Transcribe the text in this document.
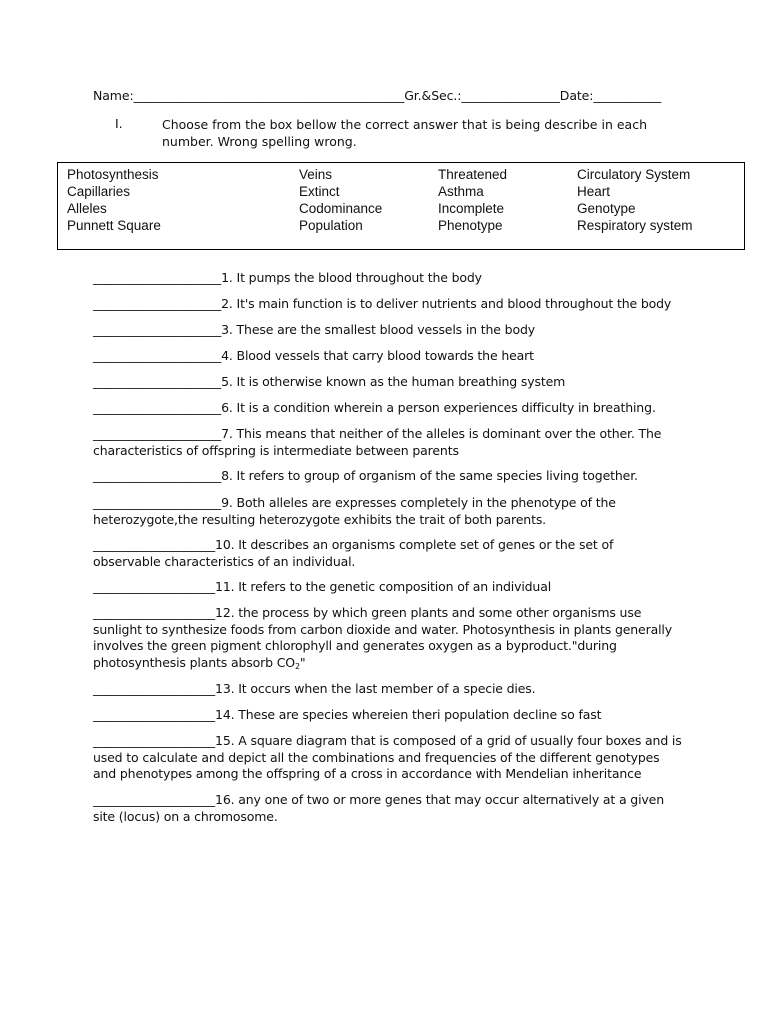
Name:____________________________________________Gr.&Sec.:________________Date:___________
I.	Choose from the box bellow the correct answer that is being describe in each number. Wrong spelling wrong.
Photosynthesis
Capillaries
Alleles
Punnett Square
Veins
Extinct
Codominance
Population
Threatened
Asthma
Incomplete
Phenotype
Circulatory System
Heart
Genotype
Respiratory system
_____________________1. It pumps the blood throughout the body
_____________________2. It's main function is to deliver nutrients and blood throughout the body
_____________________3. These are the smallest blood vessels in the body
_____________________4. Blood vessels that carry blood towards the heart
_____________________5. It is otherwise known as the human breathing system
_____________________6. It is a condition wherein a person experiences difficulty in breathing.
_____________________7. This means that neither of the alleles is dominant over the other. The characteristics of offspring is intermediate between parents
_____________________8. It refers to group of organism of the same species living together.
_____________________9. Both alleles are expresses completely in the phenotype of the heterozygote,the resulting heterozygote exhibits the trait of both parents.
____________________10. It describes an organisms complete set of genes or the set of observable characteristics of an individual.
____________________11. It refers to the genetic composition of an individual
____________________12. the process by which green plants and some other organisms use sunlight to synthesize foods from carbon dioxide and water. Photosynthesis in plants generally involves the green pigment chlorophyll and generates oxygen as a byproduct."during photosynthesis plants absorb $CO_2$"
____________________13. It occurs when the last member of a specie dies.
____________________14. These are species whereien theri population decline so fast
____________________15. A square diagram that is composed of a grid of usually four boxes and is used to calculate and depict all the combinations and frequencies of the different genotypes and phenotypes among the offspring of a cross in accordance with Mendelian inheritance
____________________16. any one of two or more genes that may occur alternatively at a given site (locus) on a chromosome.
